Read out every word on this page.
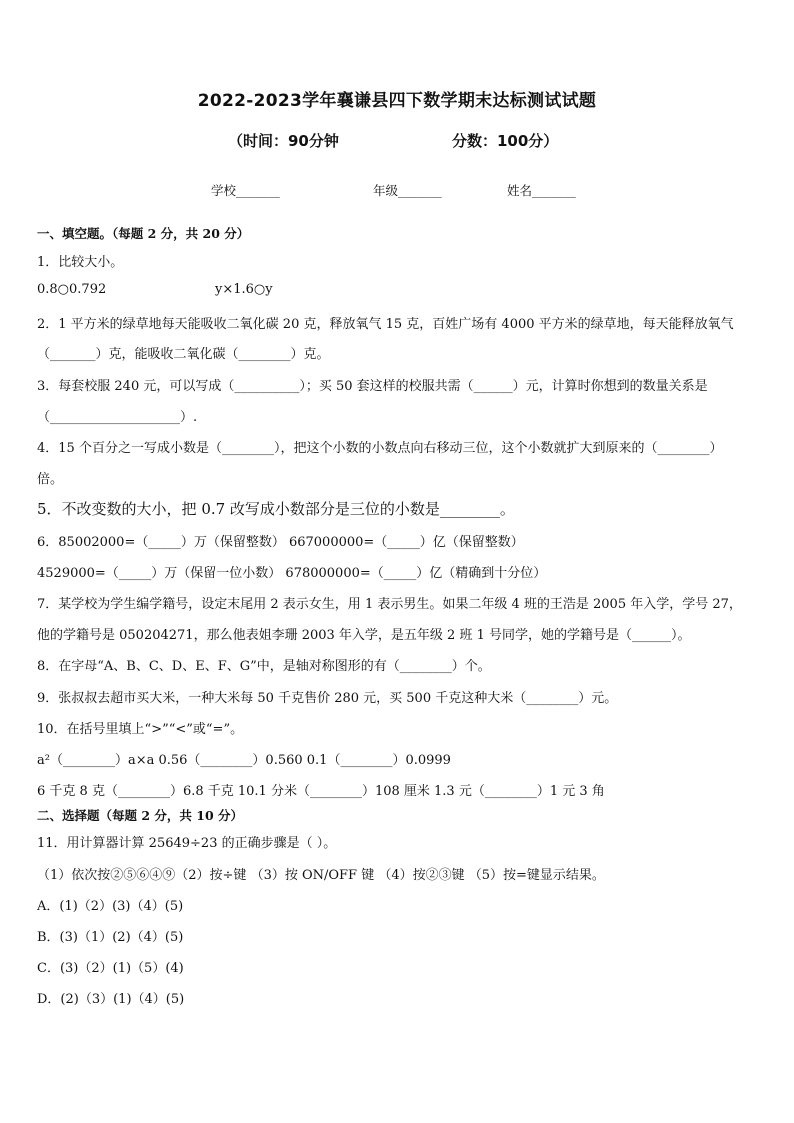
2022-2023学年襄谦县四下数学期末达标测试试题
（时间：90分钟	分数：100分）
学校_______	年级_______	姓名_______
一、填空题。（每题 2 分，共 20 分）
1．比较大小。
0.8○0.792	y×1.6○y
2．1 平方米的绿草地每天能吸收二氧化碳 20 克，释放氧气 15 克，百姓广场有 4000 平方米的绿草地，每天能释放氧气
（_______）克，能吸收二氧化碳（________）克。
3．每套校服 240 元，可以写成（__________）；买 50 套这样的校服共需（______）元，计算时你想到的数量关系是
（____________________）.
4．15 个百分之一写成小数是（________），把这个小数的小数点向右移动三位，这个小数就扩大到原来的（________）
倍。
5．不改变数的大小，把 0.7 改写成小数部分是三位的小数是________。
6．85002000=（_____）万（保留整数） 667000000=（_____）亿（保留整数）
4529000=（_____）万（保留一位小数） 678000000=（_____）亿（精确到十分位）
7．某学校为学生编学籍号，设定末尾用 2 表示女生，用 1 表示男生。如果二年级 4 班的王浩是 2005 年入学，学号 27，
他的学籍号是 050204271，那么他表姐李珊 2003 年入学，是五年级 2 班 1 号同学，她的学籍号是（______）。
8．在字母“A、B、C、D、E、F、G”中，是轴对称图形的有（________）个。
9．张叔叔去超市买大米，一种大米每 50 千克售价 280 元，买 500 千克这种大米（________）元。
10．在括号里填上“>”“<”或“=”。
a²（________）a×a 0.56（________）0.560 0.1（________）0.0999
6 千克 8 克（________）6.8 千克 10.1 分米（________）108 厘米 1.3 元（________）1 元 3 角
二、选择题（每题 2 分，共 10 分）
11．用计算器计算 25649÷23 的正确步骤是（ ）。
（1）依次按②⑤⑥④⑨（2）按÷键 （3）按 ON/OFF 键 （4）按②③键 （5）按=键显示结果。
A．(1)（2）(3)（4）(5)
B．(3)（1）(2)（4）(5)
C．(3)（2）(1)（5）(4)
D．(2)（3）(1)（4）(5)
